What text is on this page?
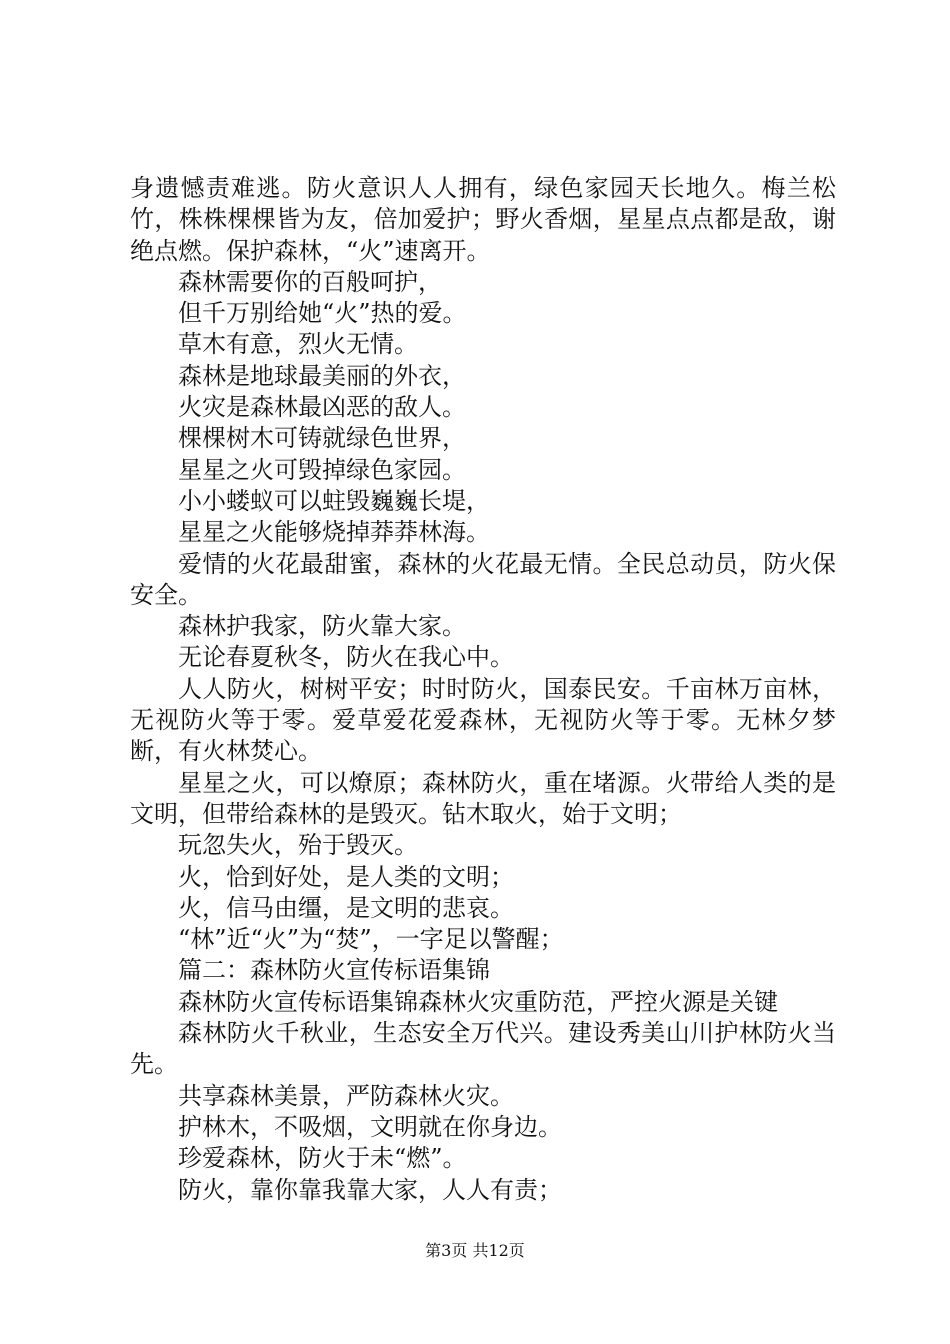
身遗憾责难逃。防火意识人人拥有，绿色家园天长地久。梅兰松竹，株株棵棵皆为友，倍加爱护；野火香烟，星星点点都是敌，谢绝点燃。保护森林，“火”速离开。

森林需要你的百般呵护，

但千万别给她“火”热的爱。

草木有意，烈火无情。

森林是地球最美丽的外衣，

火灾是森林最凶恶的敌人。

棵棵树木可铸就绿色世界，

星星之火可毁掉绿色家园。

小小蝼蚁可以蛀毁巍巍长堤，

星星之火能够烧掉莽莽林海。

爱情的火花最甜蜜，森林的火花最无情。全民总动员，防火保安全。

森林护我家，防火靠大家。

无论春夏秋冬，防火在我心中。

人人防火，树树平安；时时防火，国泰民安。千亩林万亩林，无视防火等于零。爱草爱花爱森林，无视防火等于零。无林夕梦断，有火林焚心。

星星之火，可以燎原；森林防火，重在堵源。火带给人类的是文明，但带给森林的是毁灭。钻木取火，始于文明；

玩忽失火，殆于毁灭。

火，恰到好处，是人类的文明；

火，信马由缰，是文明的悲哀。

“林”近“火”为“焚”，一字足以警醒；

篇二：森林防火宣传标语集锦

森林防火宣传标语集锦森林火灾重防范，严控火源是关键

森林防火千秋业，生态安全万代兴。建设秀美山川护林防火当先。

共享森林美景，严防森林火灾。

护林木，不吸烟，文明就在你身边。

珍爱森林，防火于未“燃”。

防火，靠你靠我靠大家，人人有责；

第3页 共12页
